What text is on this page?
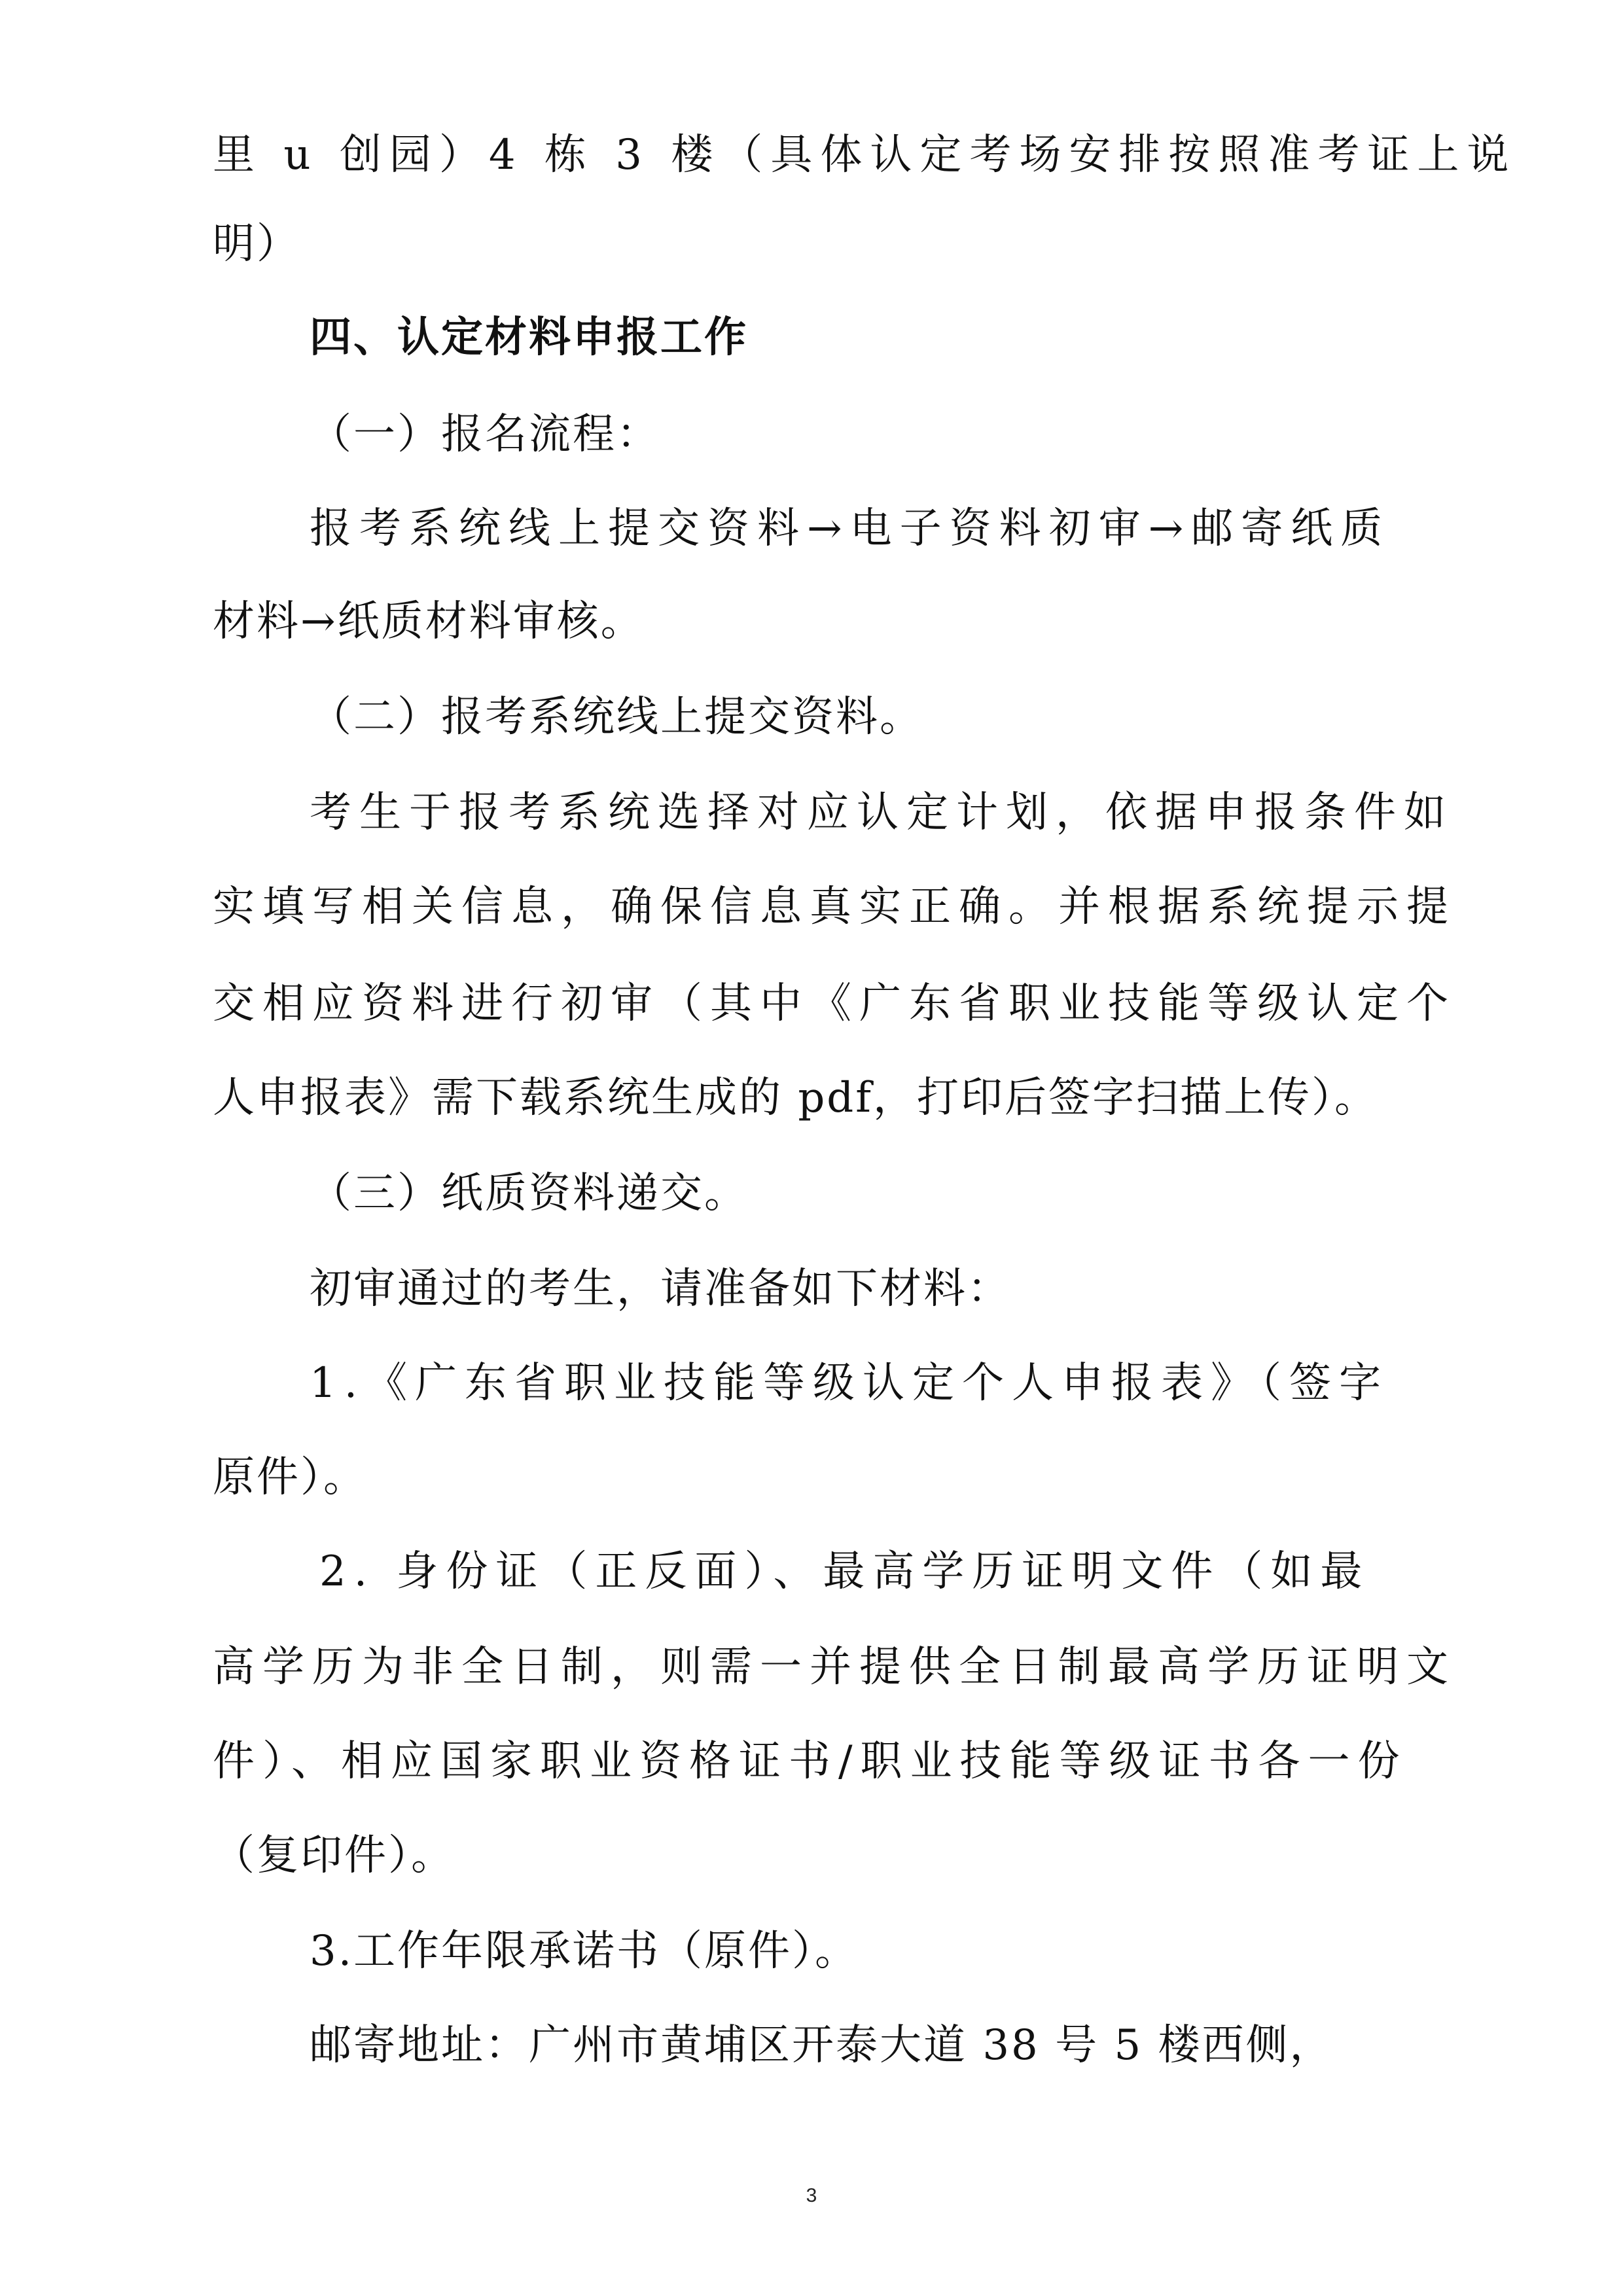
里 u 创园）4 栋 3 楼（具体认定考场安排按照准考证上说
明）
四、认定材料申报工作
（一）报名流程：
报考系统线上提交资料→电子资料初审→邮寄纸质
材料→纸质材料审核。
（二）报考系统线上提交资料。
考生于报考系统选择对应认定计划，依据申报条件如
实填写相关信息，确保信息真实正确。并根据系统提示提
交相应资料进行初审（其中《广东省职业技能等级认定个
人申报表》需下载系统生成的 pdf，打印后签字扫描上传）。
（三）纸质资料递交。
初审通过的考生，请准备如下材料：
1.《广东省职业技能等级认定个人申报表》（签字
原件）。
2. 身份证（正反面）、最高学历证明文件（如最
高学历为非全日制，则需一并提供全日制最高学历证明文
件）、相应国家职业资格证书/职业技能等级证书各一份
（复印件）。
3.工作年限承诺书（原件）。
邮寄地址：广州市黄埔区开泰大道 38 号 5 楼西侧，
3
